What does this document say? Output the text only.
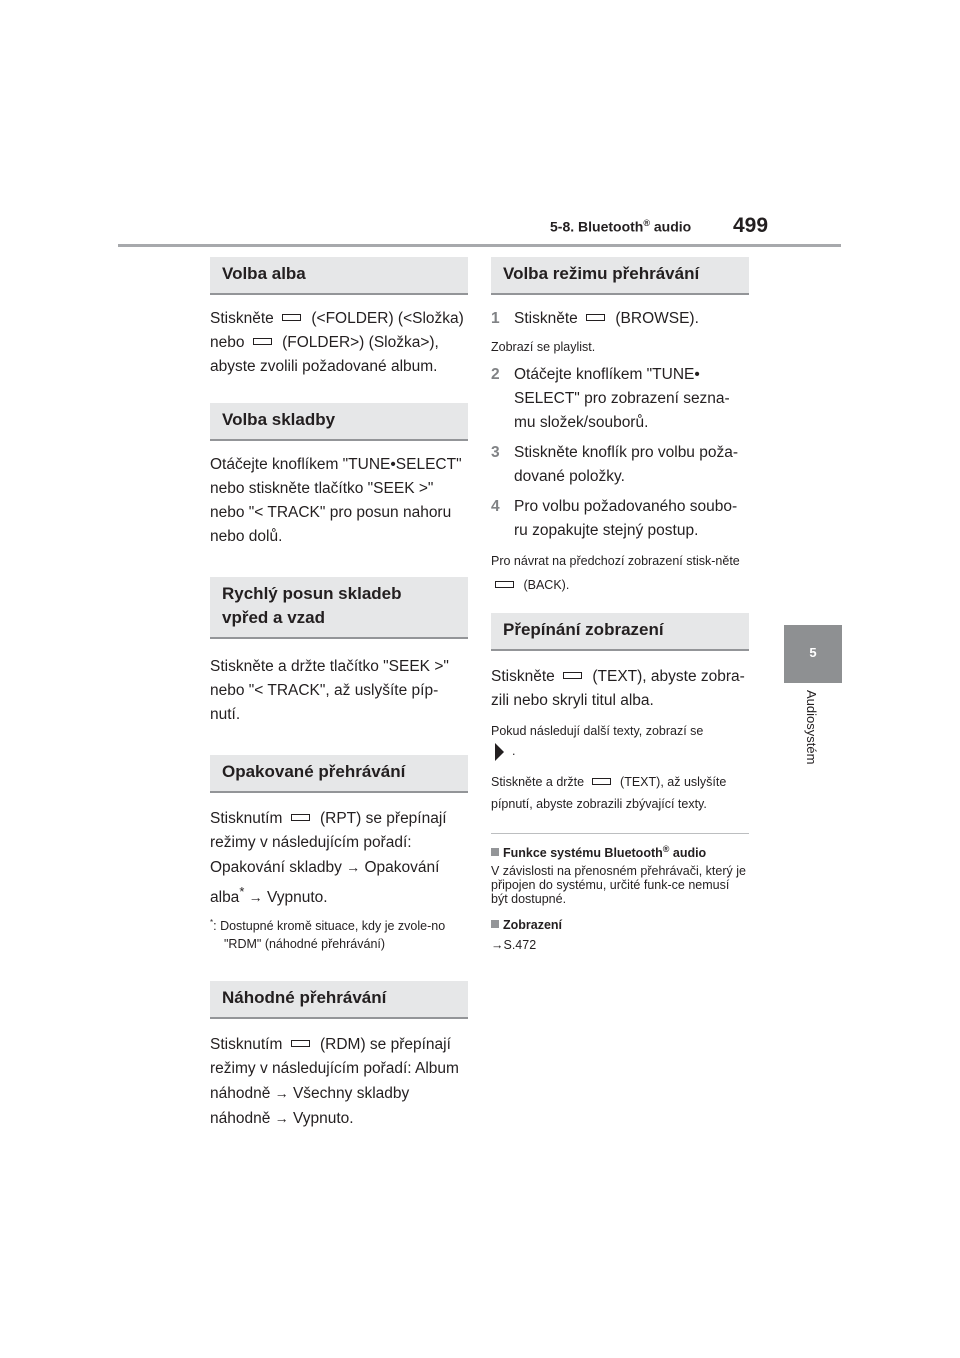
5-8. Bluetooth® audio 499
5
Audiosystém
Volba alba

Stiskněte  (<FOLDER) (<Složka)
nebo  (FOLDER>) (Složka>),
abyste zvolili požadované album.

Volba skladby

Otáčejte knoflíkem "TUNE•SELECT" nebo stiskněte tlačítko "SEEK >" nebo "< TRACK" pro posun nahoru nebo dolů.

Rychlý posun skladeb vpřed a vzad

Stiskněte a držte tlačítko "SEEK >" nebo "< TRACK", až uslyšíte píp-nutí.

Opakované přehrávání

Stisknutím  (RPT) se přepínají režimy v následujícím pořadí: Opakování skladby → Opakování alba* → Vypnuto.

*: Dostupné kromě situace, kdy je zvole-no "RDM" (náhodné přehrávání)
Náhodné přehrávání

Stisknutím  (RDM) se přepínají režimy v následujícím pořadí: Album náhodně → Všechny skladby náhodně → Vypnuto.

Volba režimu přehrávání
1 Stiskněte  (BROWSE).

Zobrazí se playlist.

2 Otáčejte knoflíkem "TUNE• SELECT" pro zobrazení sezna-mu složek/souborů.
3 Stiskněte knoflík pro volbu poža-dované položky.
4 Pro volbu požadovaného soubo-ru zopakujte stejný postup.

Pro návrat na předchozí zobrazení stisk-něte  (BACK).

Přepínání zobrazení

Stiskněte  (TEXT), abyste zobra-zili nebo skryli titul alba.

Pokud následují další texty, zobrazí se
.

Stiskněte a držte  (TEXT), až uslyšíte pípnutí, abyste zobrazili zbývající texty.

Funkce systému Bluetooth® audio
V závislosti na přenosném přehrávači, který je připojen do systému, určité funk-ce nemusí být dostupné.
Zobrazení
→S.472
